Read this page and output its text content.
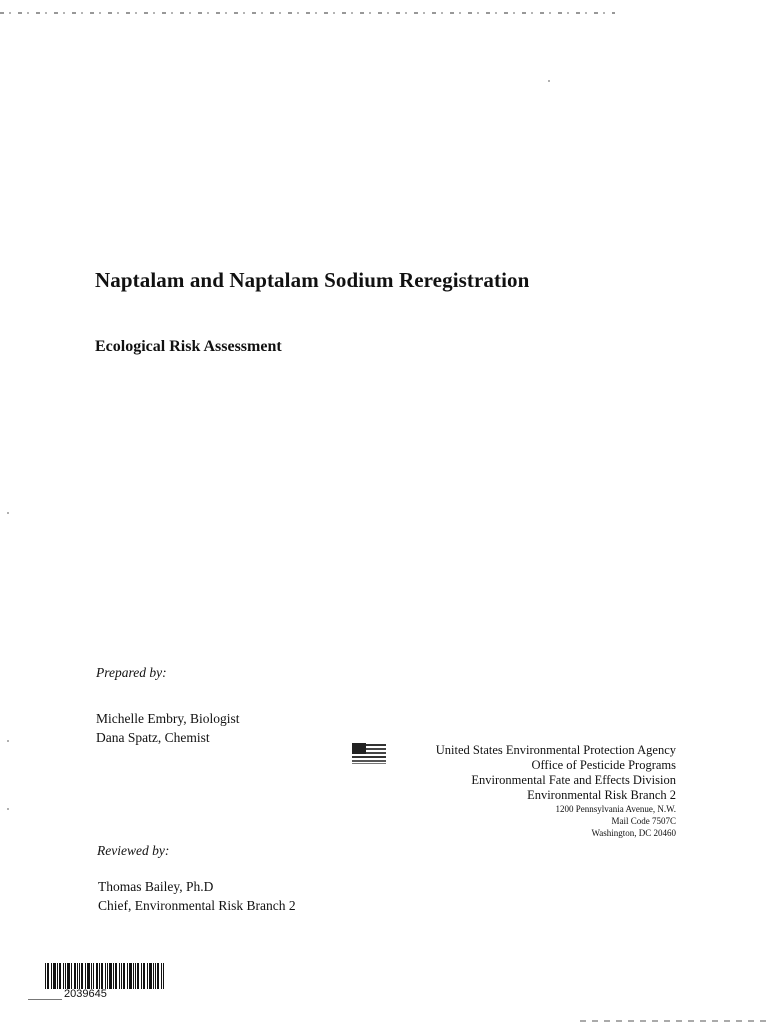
Naptalam and Naptalam Sodium Reregistration
Ecological Risk Assessment
Prepared by:
Michelle Embry, Biologist
Dana Spatz, Chemist
United States Environmental Protection Agency
Office of Pesticide Programs
Environmental Fate and Effects Division
Environmental Risk Branch 2
1200 Pennsylvania Avenue, N.W.
Mail Code 7507C
Washington, DC 20460
Reviewed by:
Thomas Bailey, Ph.D
Chief, Environmental Risk Branch 2
2039645
